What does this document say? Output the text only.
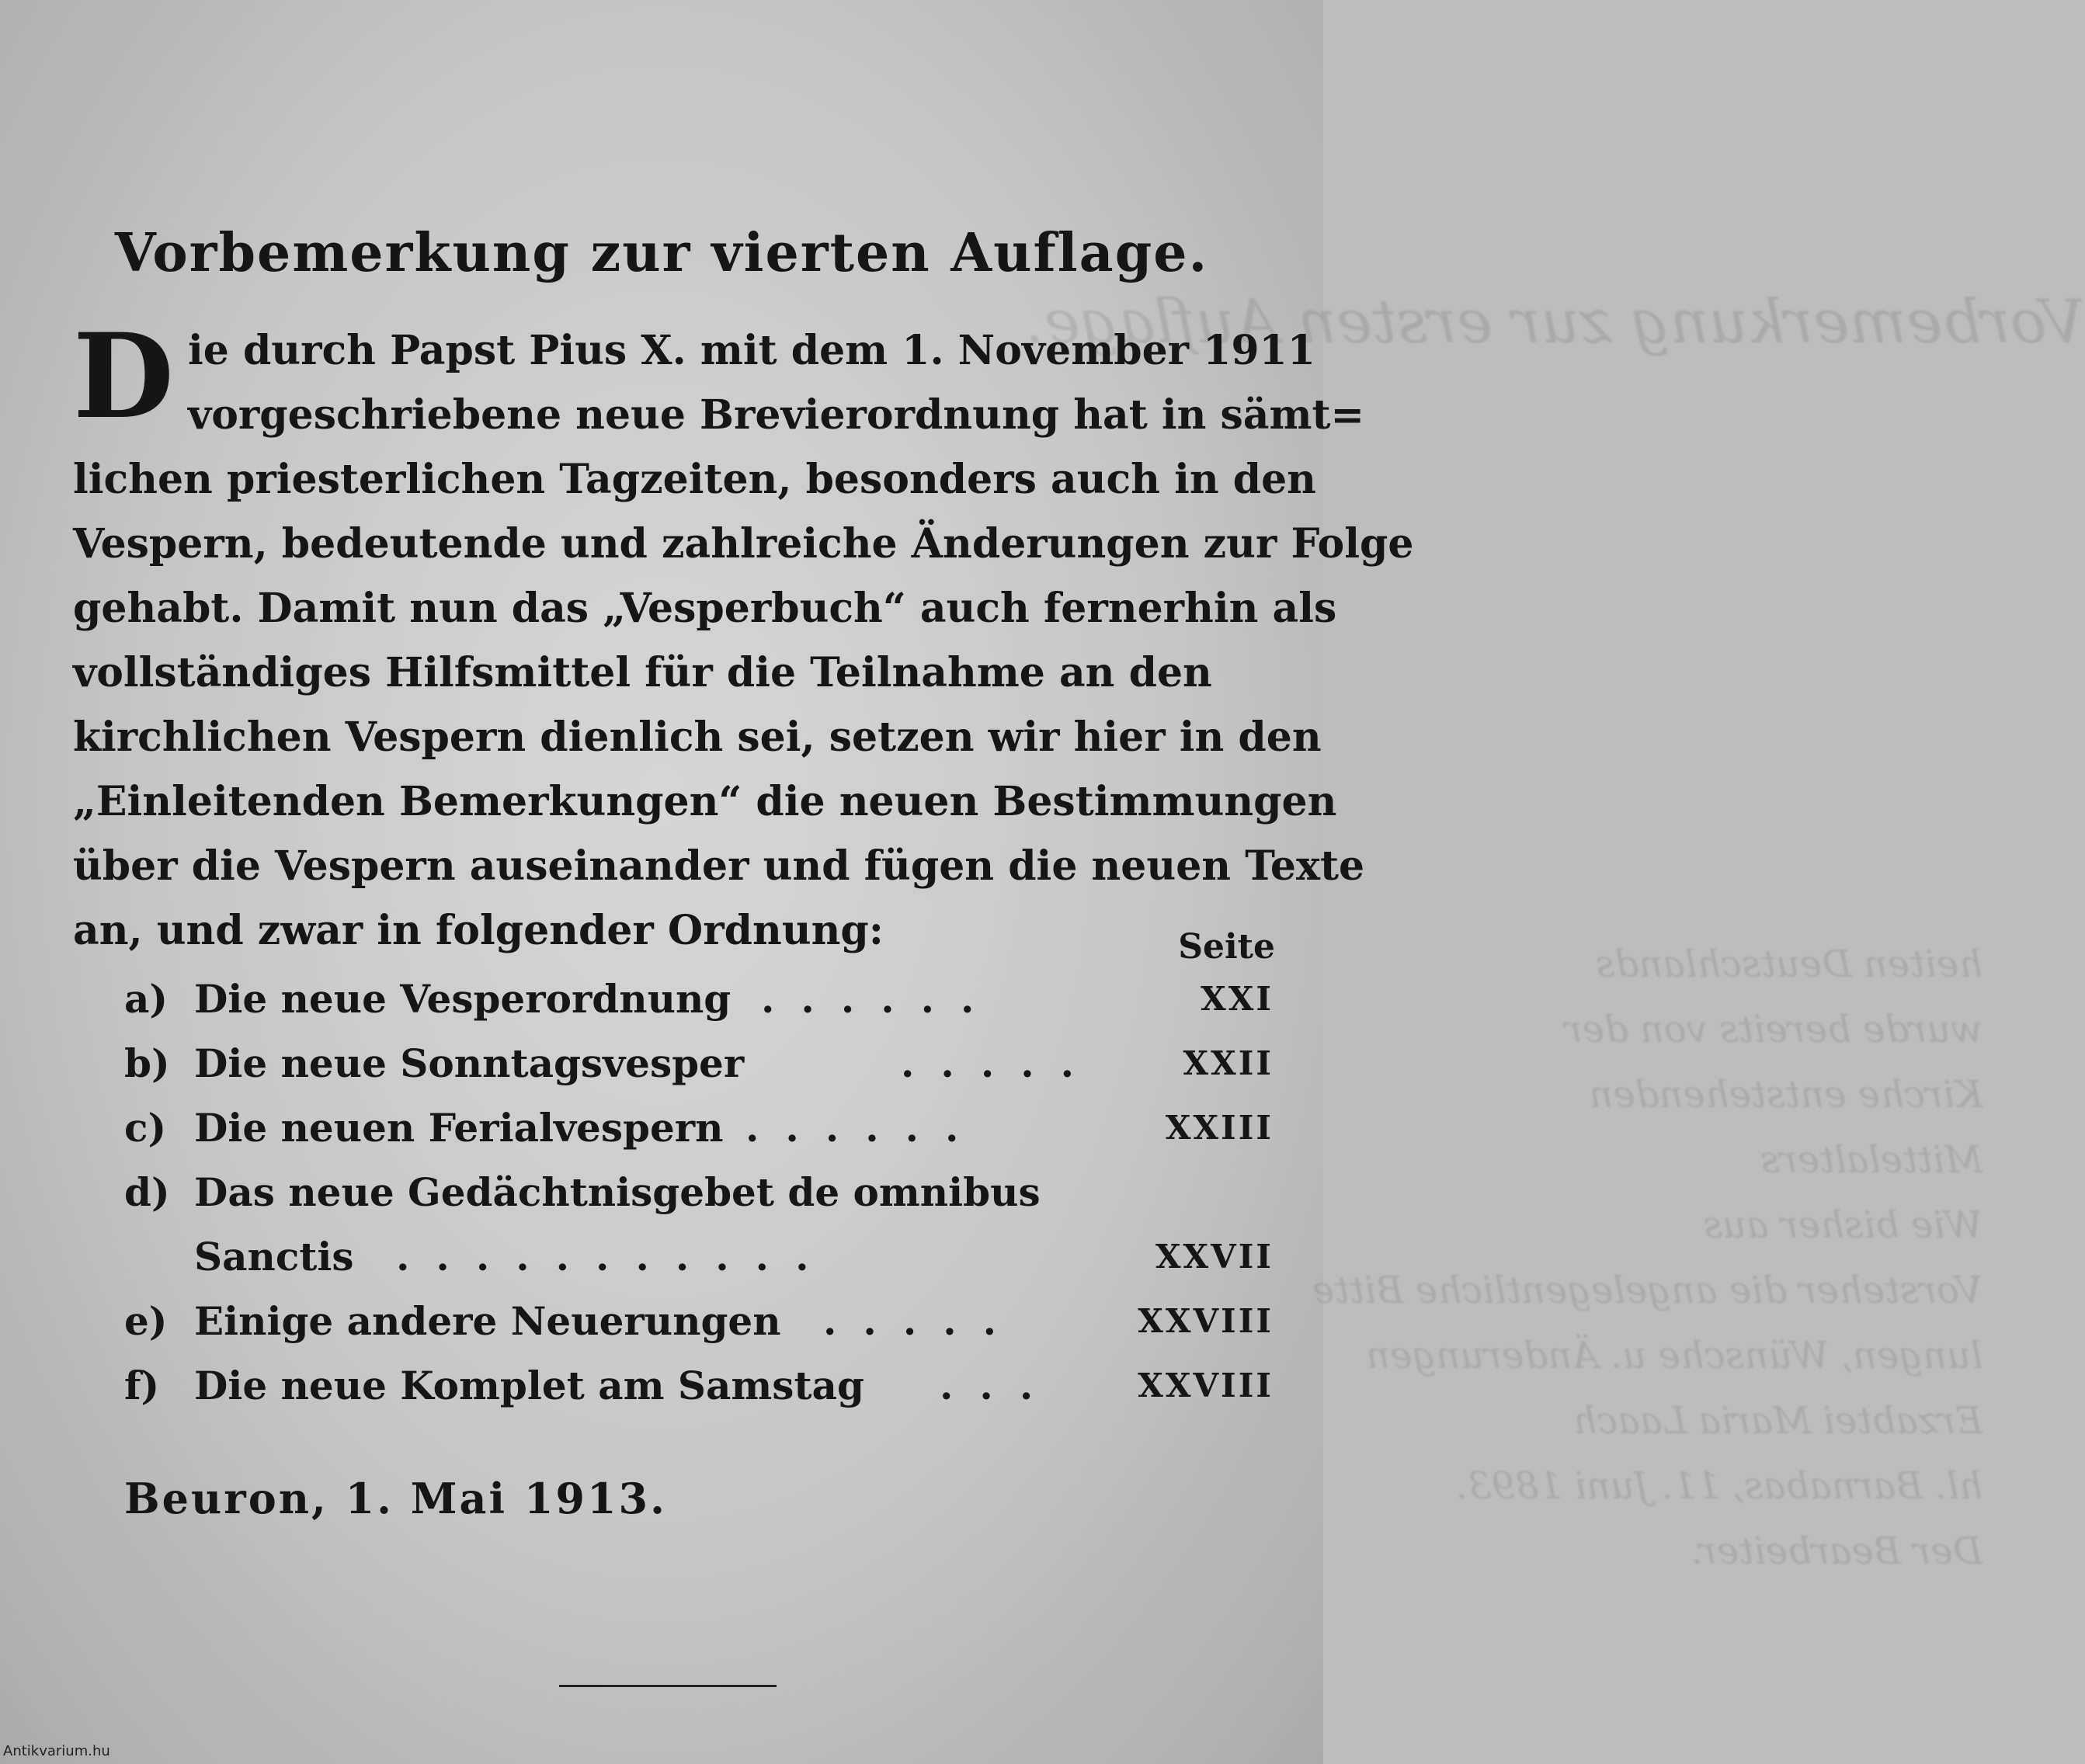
Vorbemerkung zur ersten Auflage.
heiten Deutschlands
wurde bereits von der
Kirche entstehenden
Mittelalters
Wie bisher aus
Vorsteher die angelegentliche Bitte
lungen, Wünsche u. Änderungen
Erzabtei Maria Laach
hl. Barnabas, 11. Juni 1893.
Der Bearbeiter.
Vorbemerkung zur vierten Auflage.
D ie durch Papst Pius X. mit dem 1. November 1911
vorgeschriebene neue Brevierordnung hat in sämt=
lichen priesterlichen Tagzeiten, besonders auch in den
Vespern, bedeutende und zahlreiche Änderungen zur Folge
gehabt. Damit nun das „Vesperbuch“ auch fernerhin als
vollständiges Hilfsmittel für die Teilnahme an den
kirchlichen Vespern dienlich sei, setzen wir hier in den
„Einleitenden Bemerkungen“ die neuen Bestimmungen
über die Vespern auseinander und fügen die neuen Texte
an, und zwar in folgender Ordnung:	Seite
a) Die neue Vesperordnung ......	XXI
b) Die neue Sonntagsvesper	.....	XXII
c) Die neuen Ferialvespern ......	XXIII
d) Das neue Gedächtnisgebet de omnibus
Sanctis ...........	XXVII
e) Einige andere Neuerungen .....	XXVIII
f) Die neue Komplet am Samstag ... XXVIII
Beuron, 1. Mai 1913.
Antikvarium.hu
